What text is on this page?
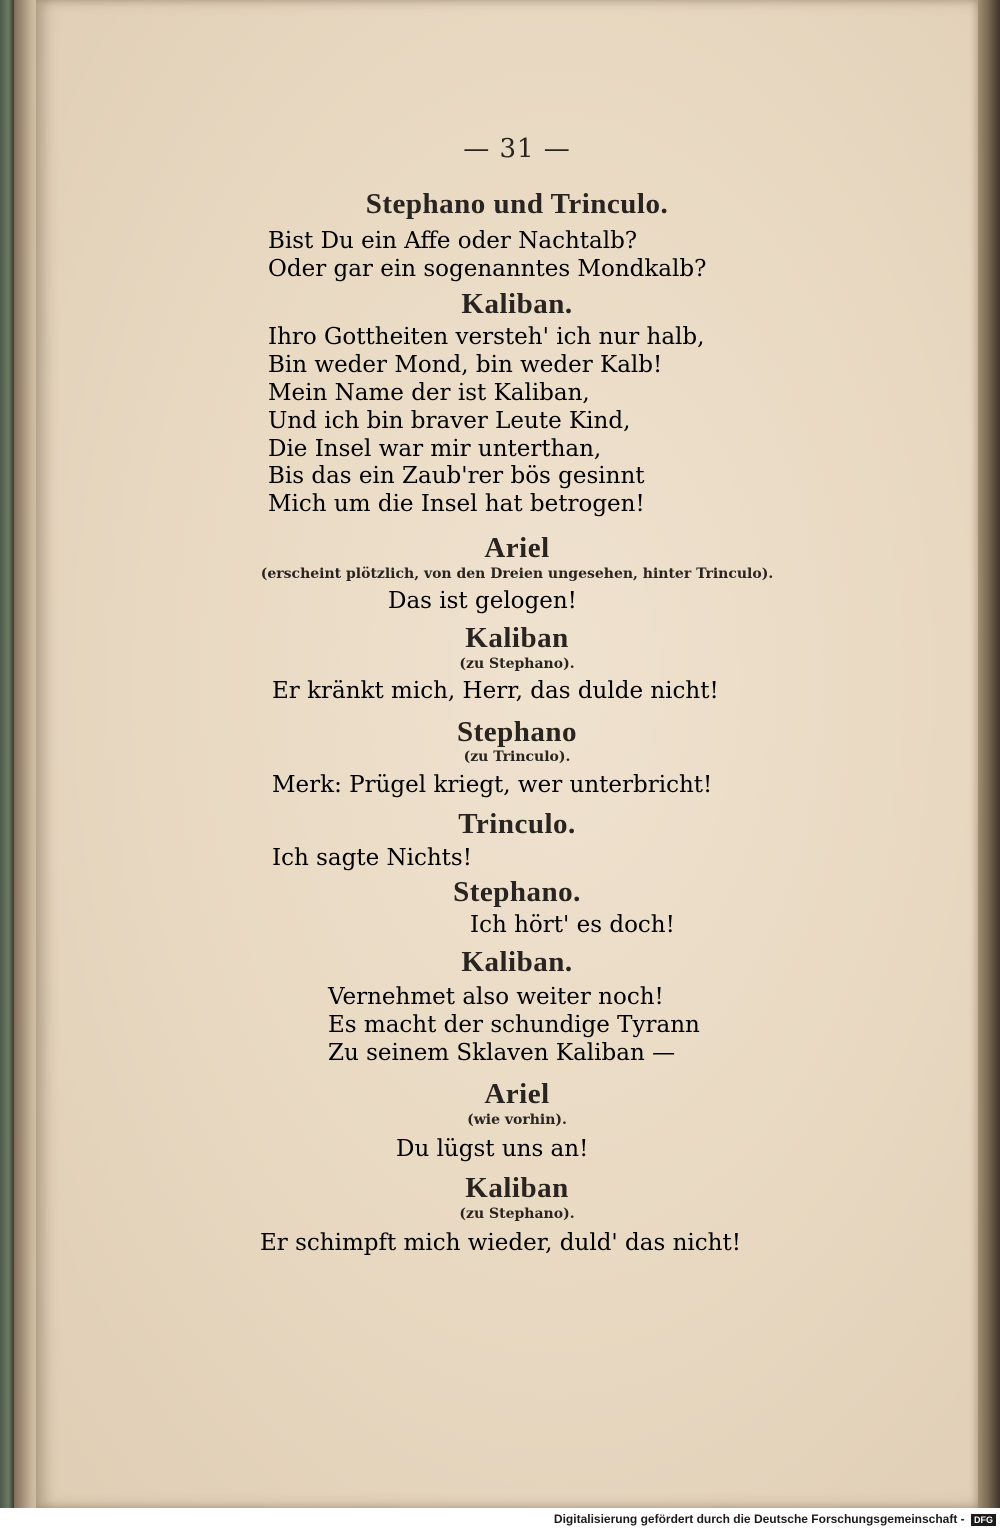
— 31 —
Stephano und Trinculo.
Bist Du ein Affe oder Nachtalb?
Oder gar ein sogenanntes Mondkalb?
Kaliban.
Ihro Gottheiten versteh' ich nur halb,
Bin weder Mond, bin weder Kalb!
Mein Name der ist Kaliban,
Und ich bin braver Leute Kind,
Die Insel war mir unterthan,
Bis das ein Zaub'rer bös gesinnt
Mich um die Insel hat betrogen!
Ariel
(erscheint plötzlich, von den Dreien ungesehen, hinter Trinculo).
Das ist gelogen!
Kaliban
(zu Stephano).
Er kränkt mich, Herr, das dulde nicht!
Stephano
(zu Trinculo).
Merk: Prügel kriegt, wer unterbricht!
Trinculo.
Ich sagte Nichts!
Stephano.
Ich hört' es doch!
Kaliban.
Vernehmet also weiter noch!
Es macht der schundige Tyrann
Zu seinem Sklaven Kaliban —
Ariel
(wie vorhin).
Du lügst uns an!
Kaliban
(zu Stephano).
Er schimpft mich wieder, duld' das nicht!
Digitalisierung gefördert durch die Deutsche Forschungsgemeinschaft - DFG
